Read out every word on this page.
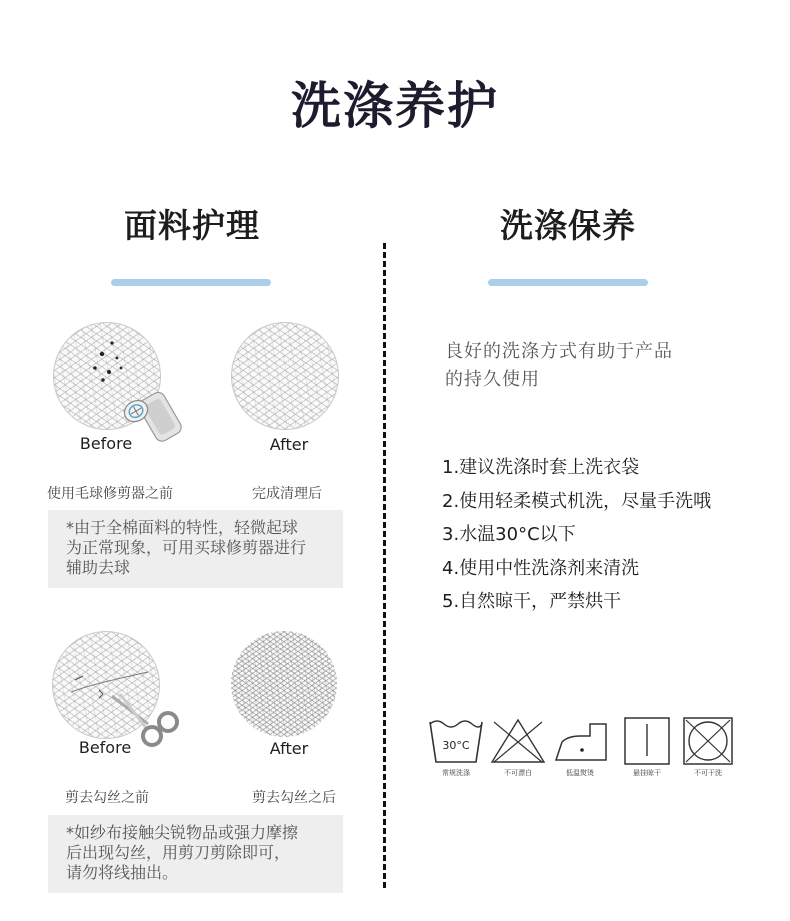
洗涤养护
面料护理	洗涤保养
Before	After
使用毛球修剪器之前	完成清理后
*由于全棉面料的特性，轻微起球
为正常现象，可用买球修剪器进行
辅助去球
Before	After
剪去勾丝之前	剪去勾丝之后
*如纱布接触尖锐物品或强力摩擦
后出现勾丝，用剪刀剪除即可，
请勿将线抽出。
良好的洗涤方式有助于产品
的持久使用
1.建议洗涤时套上洗衣袋
2.使用轻柔模式机洗，尽量手洗哦
3.水温30°C以下
4.使用中性洗涤剂来清洗
5.自然晾干，严禁烘干
30°C
常规洗涤	不可漂白	低温熨烫	悬挂晾干	不可干洗
